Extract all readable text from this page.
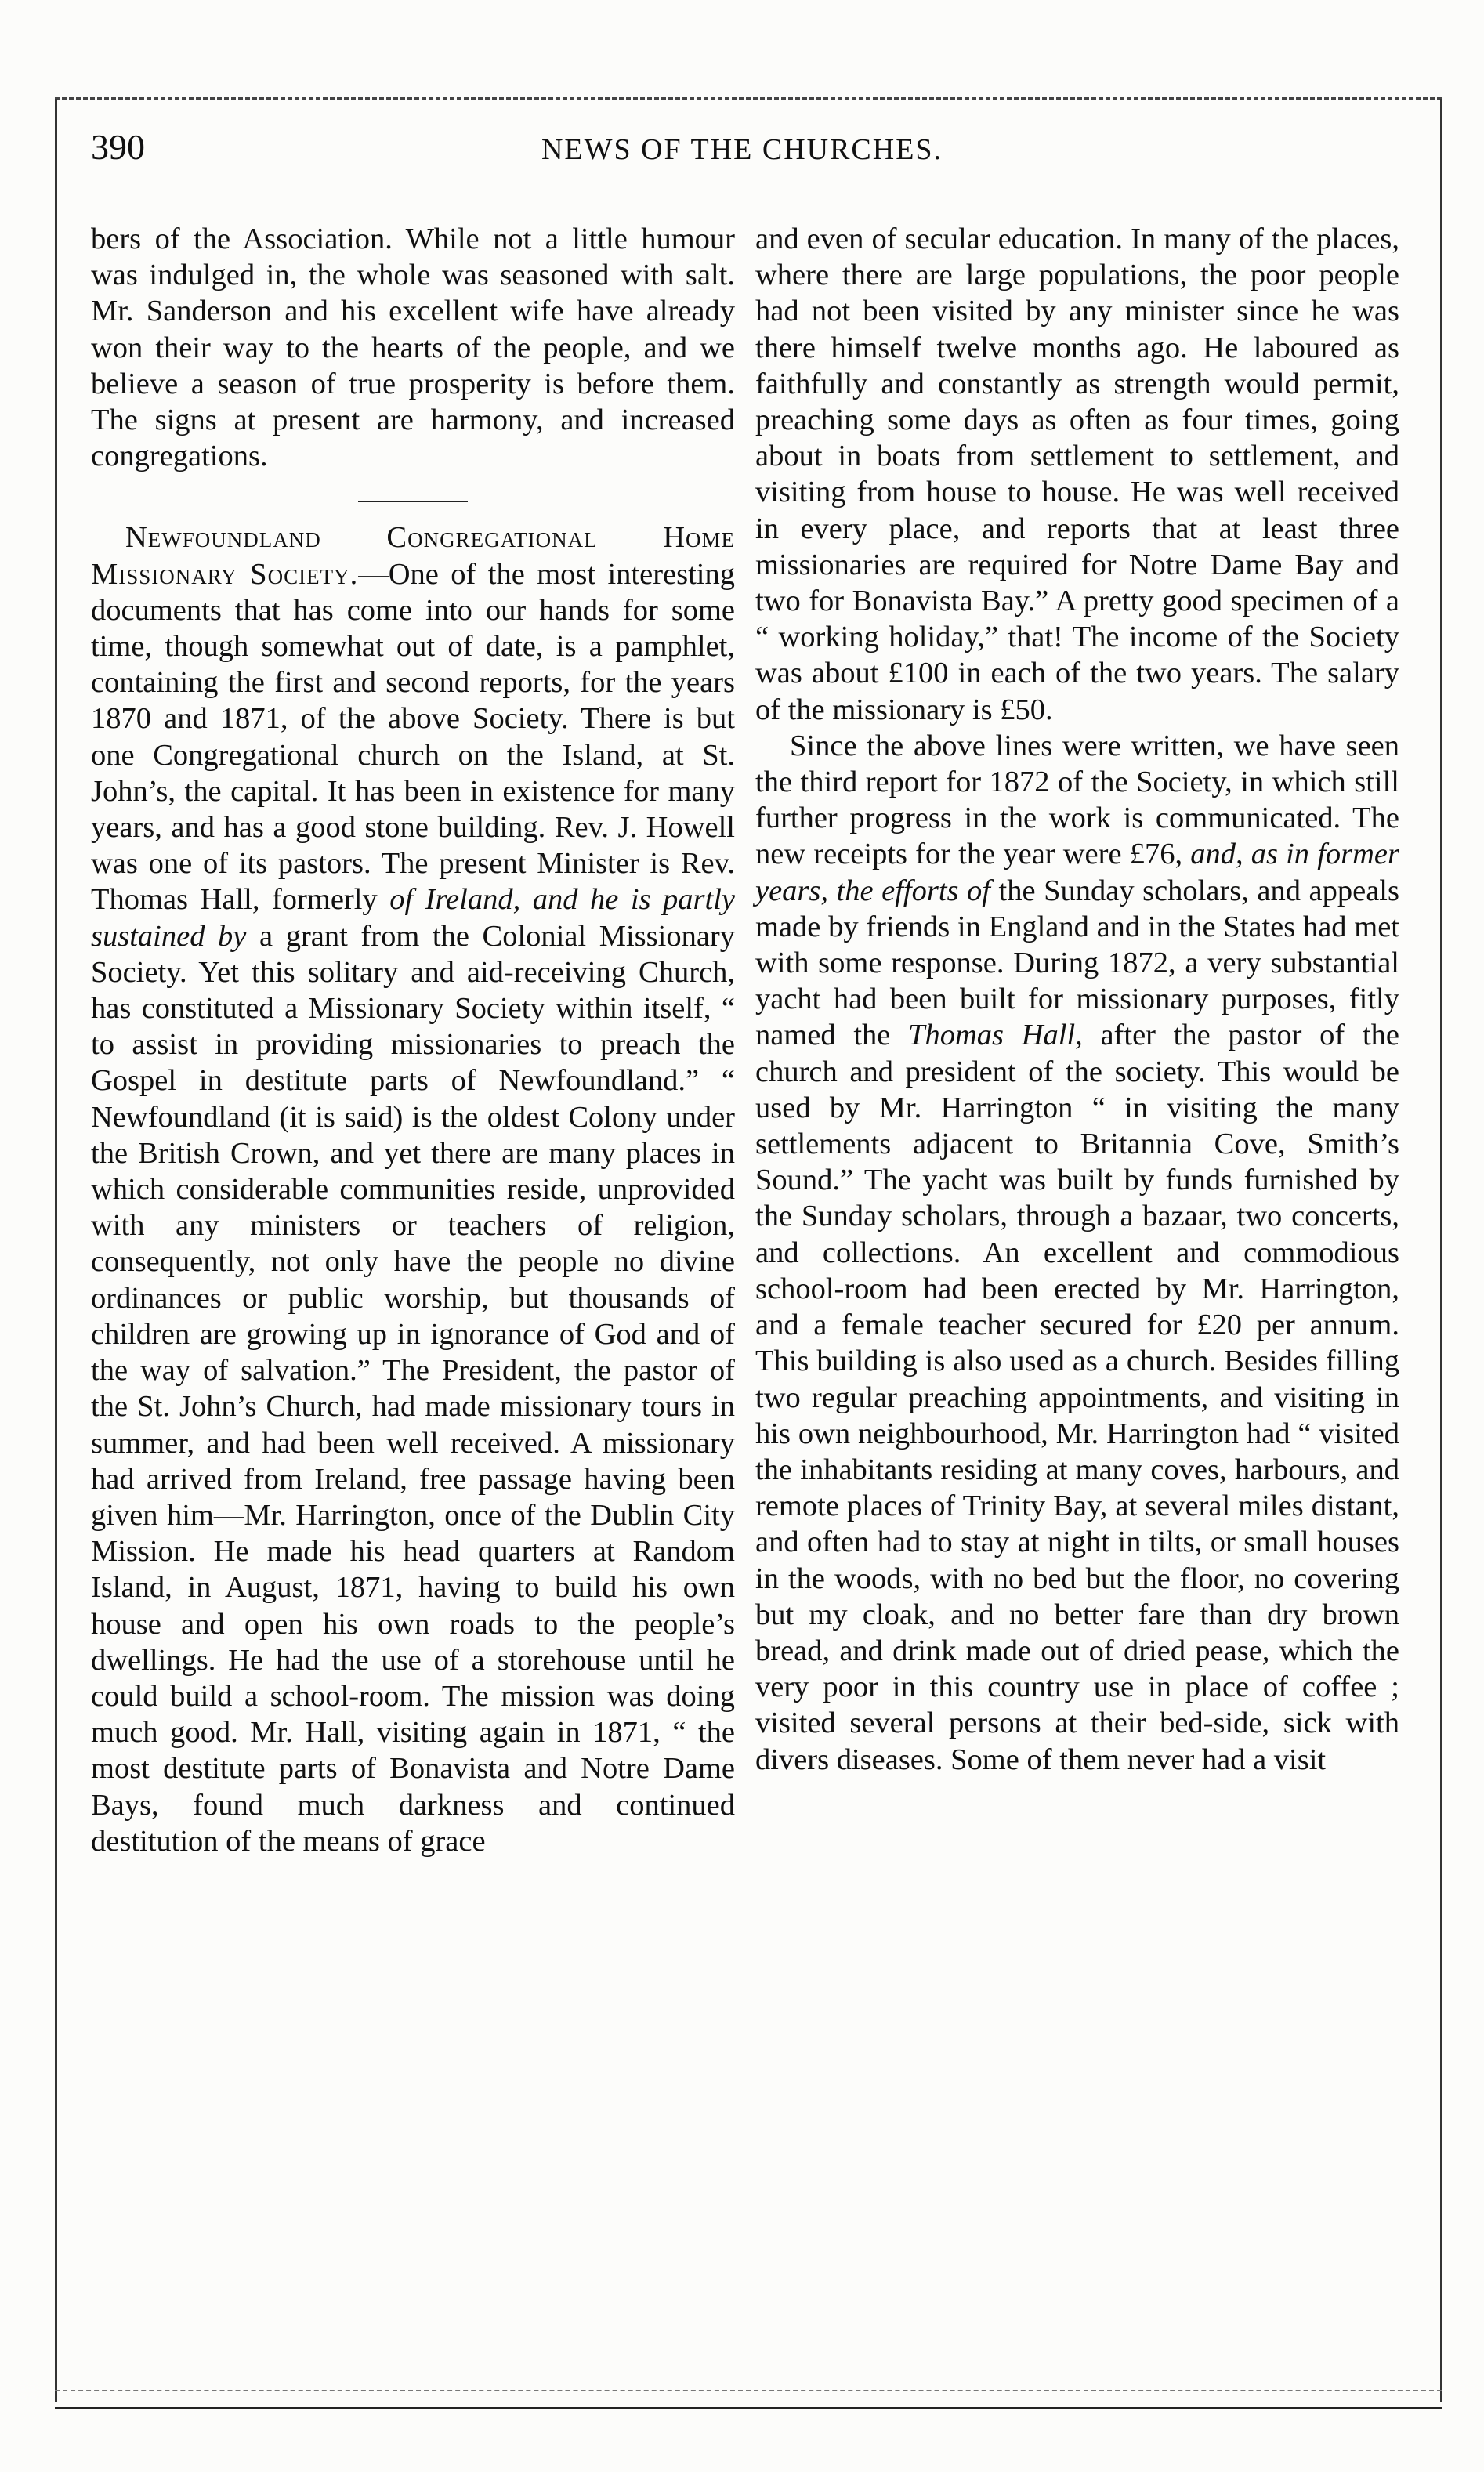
390	NEWS OF THE CHURCHES.

bers of the Association. While not a little humour was indulged in, the whole was seasoned with salt. Mr. Sanderson and his excellent wife have already won their way to the hearts of the people, and we believe a season of true prosperity is before them. The signs at present are harmony, and increased congregations.

Newfoundland Congregational Home Missionary Society.—One of the most interesting documents that has come into our hands for some time, though somewhat out of date, is a pamphlet, containing the first and second reports, for the years 1870 and 1871, of the above Society. There is but one Congregational church on the Island, at St. John’s, the capital. It has been in existence for many years, and has a good stone building. Rev. J. Howell was one of its pastors. The present Minister is Rev. Thomas Hall, formerly of Ireland, and he is partly sustained by a grant from the Colonial Missionary Society. Yet this solitary and aid-receiving Church, has constituted a Missionary Society within itself, “ to assist in providing missionaries to preach the Gospel in destitute parts of Newfoundland.” “ Newfoundland (it is said) is the oldest Colony under the British Crown, and yet there are many places in which considerable communities reside, unprovided with any ministers or teachers of religion, consequently, not only have the people no divine ordinances or public worship, but thousands of children are growing up in ignorance of God and of the way of salvation.” The President, the pastor of the St. John’s Church, had made missionary tours in summer, and had been well received. A missionary had arrived from Ireland, free passage having been given him—Mr. Harrington, once of the Dublin City Mission. He made his head quarters at Random Island, in August, 1871, having to build his own house and open his own roads to the people’s dwellings. He had the use of a storehouse until he could build a school-room. The mission was doing much good. Mr. Hall, visiting again in 1871, “ the most destitute parts of Bonavista and Notre Dame Bays, found much darkness and continued destitution of the means of grace

and even of secular education. In many of the places, where there are large populations, the poor people had not been visited by any minister since he was there himself twelve months ago. He laboured as faithfully and constantly as strength would permit, preaching some days as often as four times, going about in boats from settlement to settlement, and visiting from house to house. He was well received in every place, and reports that at least three missionaries are required for Notre Dame Bay and two for Bonavista Bay.” A pretty good specimen of a “ working holiday,” that! The income of the Society was about £100 in each of the two years. The salary of the missionary is £50.

Since the above lines were written, we have seen the third report for 1872 of the Society, in which still further progress in the work is communicated. The new receipts for the year were £76, and, as in former years, the efforts of the Sunday scholars, and appeals made by friends in England and in the States had met with some response. During 1872, a very substantial yacht had been built for missionary purposes, fitly named the Thomas Hall, after the pastor of the church and president of the society. This would be used by Mr. Harrington “ in visiting the many settlements adjacent to Britannia Cove, Smith’s Sound.” The yacht was built by funds furnished by the Sunday scholars, through a bazaar, two concerts, and collections. An excellent and commodious school-room had been erected by Mr. Harrington, and a female teacher secured for £20 per annum. This building is also used as a church. Besides filling two regular preaching appointments, and visiting in his own neighbourhood, Mr. Harrington had “ visited the inhabitants residing at many coves, harbours, and remote places of Trinity Bay, at several miles distant, and often had to stay at night in tilts, or small houses in the woods, with no bed but the floor, no covering but my cloak, and no better fare than dry brown bread, and drink made out of dried pease, which the very poor in this country use in place of coffee ; visited several persons at their bed-side, sick with divers diseases. Some of them never had a visit
